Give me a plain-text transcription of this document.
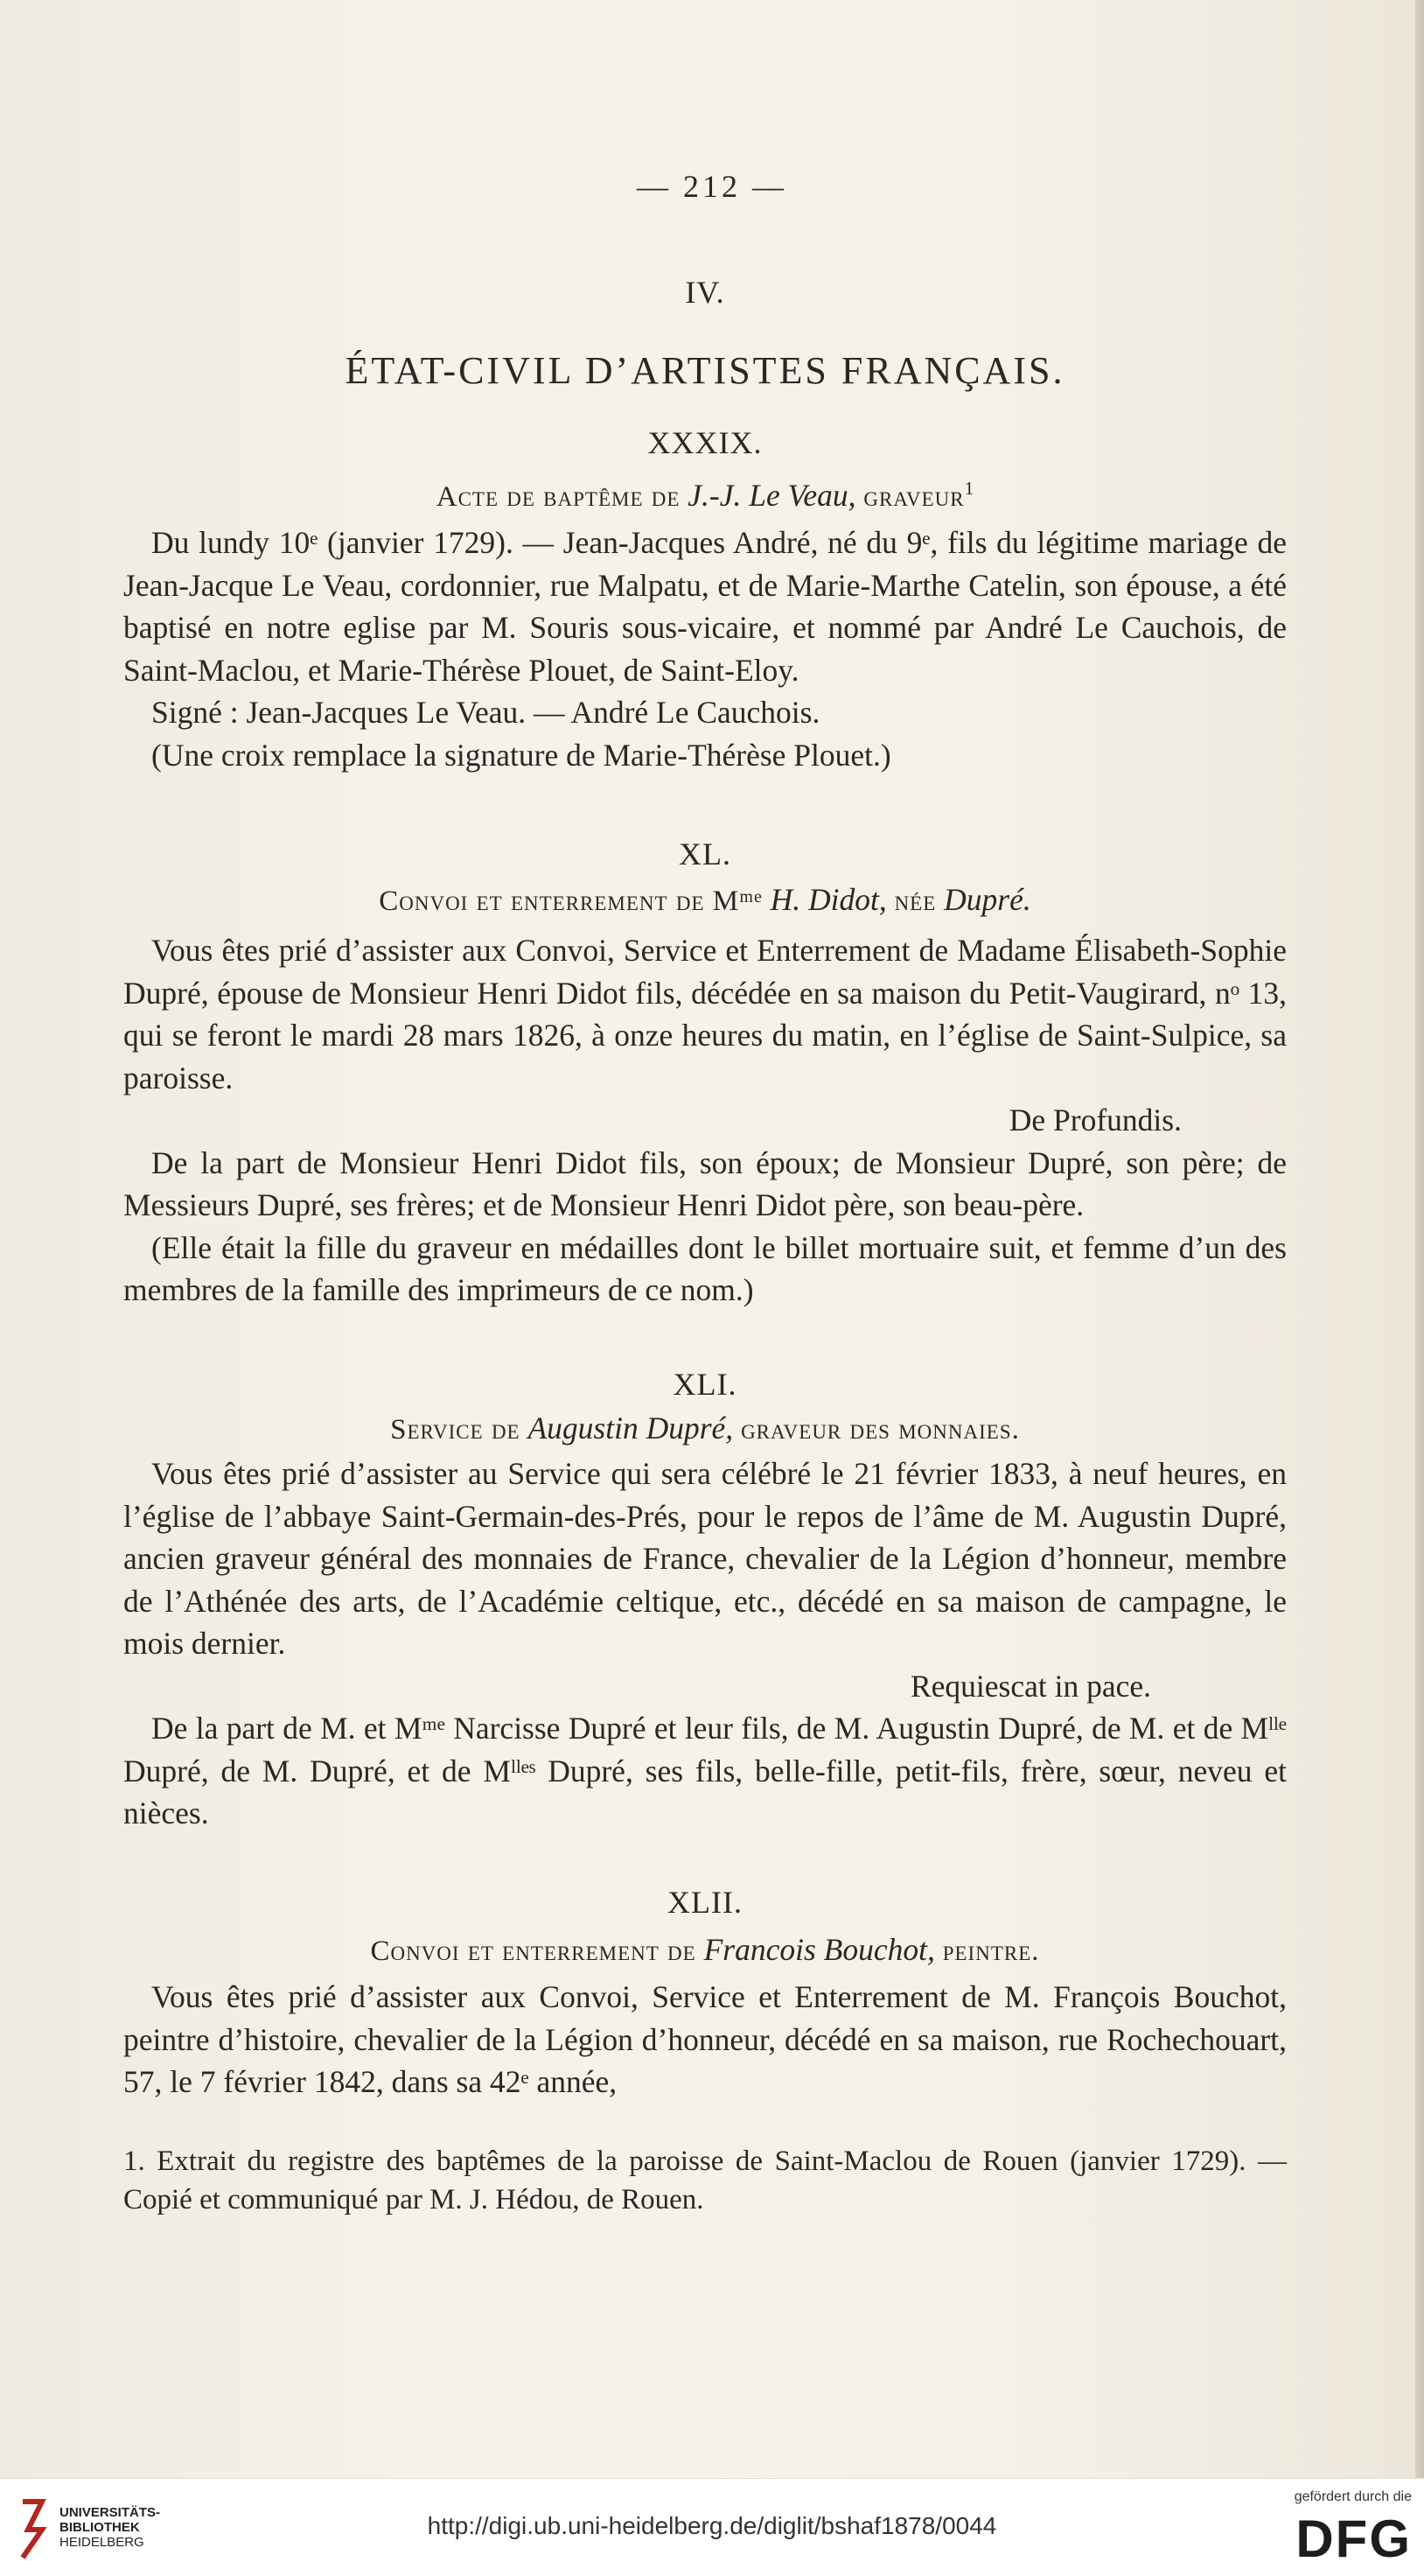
— 212 —
IV.
ÉTAT-CIVIL D’ARTISTES FRANÇAIS.
XXXIX.
Acte de baptême de J.-J. Le Veau, graveur$^1$

Du lundy 10ᵉ (janvier 1729). — Jean-Jacques André, né du 9ᵉ, fils du légitime mariage de Jean-Jacque Le Veau, cordonnier, rue Malpatu, et de Marie-Marthe Catelin, son épouse, a été baptisé en notre eglise par M. Souris sous-vicaire, et nommé par André Le Cauchois, de Saint-Maclou, et Marie-Thérèse Plouet, de Saint-Eloy.

Signé : Jean-Jacques Le Veau. — André Le Cauchois.

(Une croix remplace la signature de Marie-Thérèse Plouet.)

XL.
Convoi et enterrement de Mᵐᵉ H. Didot, née Dupré.

Vous êtes prié d’assister aux Convoi, Service et Enterrement de Madame Élisabeth-Sophie Dupré, épouse de Monsieur Henri Didot fils, décédée en sa maison du Petit-Vaugirard, nᵒ 13, qui se feront le mardi 28 mars 1826, à onze heures du matin, en l’église de Saint-Sulpice, sa paroisse.

De Profundis.

De la part de Monsieur Henri Didot fils, son époux; de Monsieur Dupré, son père; de Messieurs Dupré, ses frères; et de Monsieur Henri Didot père, son beau-père.

(Elle était la fille du graveur en médailles dont le billet mortuaire suit, et femme d’un des membres de la famille des imprimeurs de ce nom.)

XLI.
Service de Augustin Dupré, graveur des monnaies.

Vous êtes prié d’assister au Service qui sera célébré le 21 février 1833, à neuf heures, en l’église de l’abbaye Saint-Germain-des-Prés, pour le repos de l’âme de M. Augustin Dupré, ancien graveur général des monnaies de France, chevalier de la Légion d’honneur, membre de l’Athénée des arts, de l’Académie celtique, etc., décédé en sa maison de campagne, le mois dernier.

Requiescat in pace.

De la part de M. et Mᵐᵉ Narcisse Dupré et leur fils, de M. Augustin Dupré, de M. et de Mˡˡᵉ Dupré, de M. Dupré, et de Mˡˡᵉˢ Dupré, ses fils, belle-fille, petit-fils, frère, sœur, neveu et nièces.

XLII.
Convoi et enterrement de Francois Bouchot, peintre.

Vous êtes prié d’assister aux Convoi, Service et Enterrement de M. François Bouchot, peintre d’histoire, chevalier de la Légion d’honneur, décédé en sa maison, rue Rochechouart, 57, le 7 février 1842, dans sa 42ᵉ année,

1. Extrait du registre des baptêmes de la paroisse de Saint-Maclou de Rouen (janvier 1729). — Copié et communiqué par M. J. Hédou, de Rouen.
UNIVERSITÄTS-
BIBLIOTHEK
HEIDELBERG
http://digi.ub.uni-heidelberg.de/diglit/bshaf1878/0044
gefördert durch die
DFG
